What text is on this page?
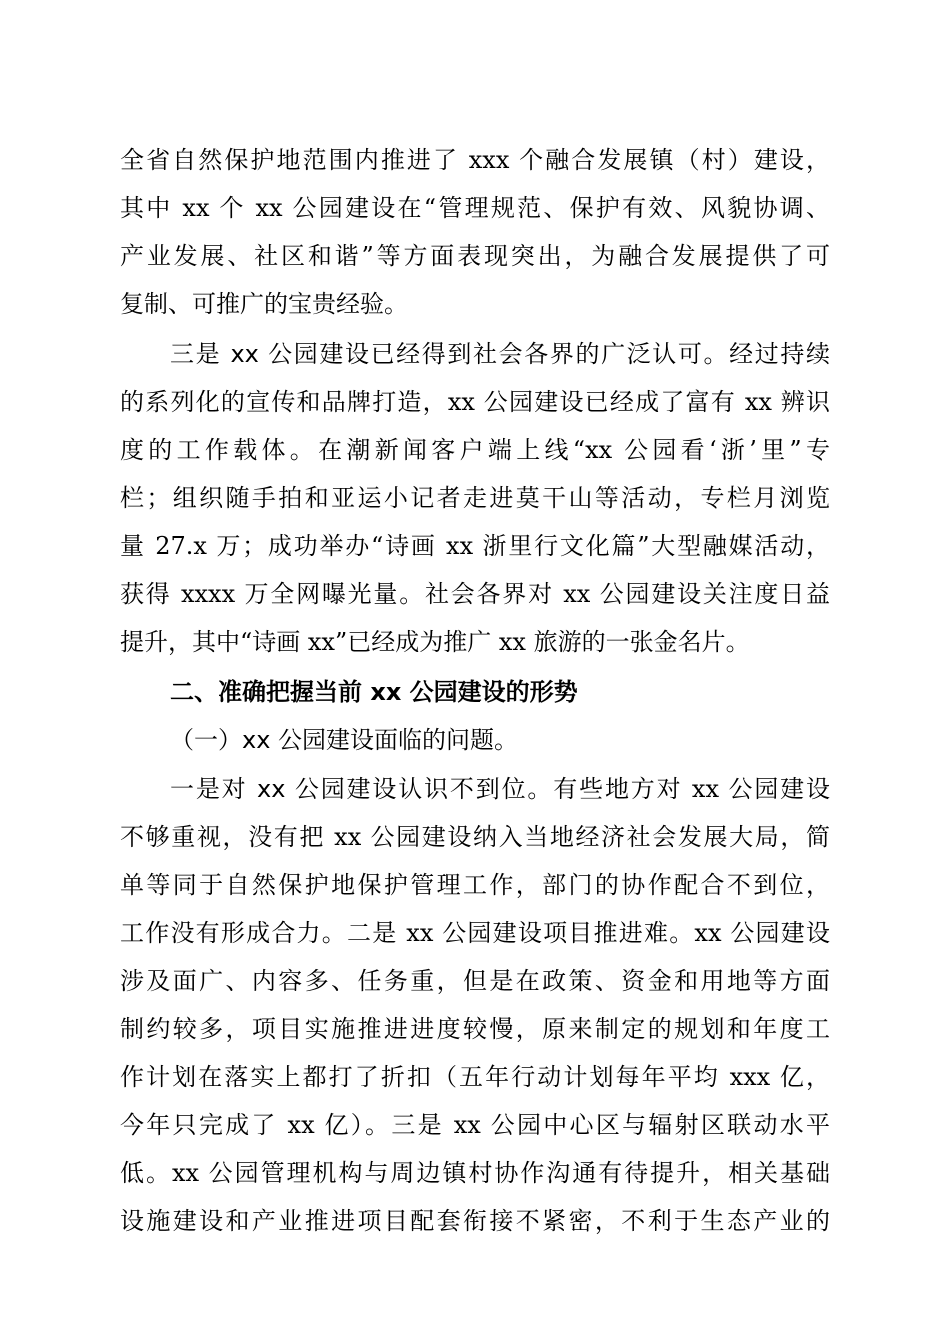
全省自然保护地范围内推进了 xxx 个融合发展镇（村）建设，
其中 xx 个 xx 公园建设在“管理规范、保护有效、风貌协调、
产业发展、社区和谐”等方面表现突出，为融合发展提供了可
复制、可推广的宝贵经验。
三是 xx 公园建设已经得到社会各界的广泛认可。经过持续
的系列化的宣传和品牌打造，xx 公园建设已经成了富有 xx 辨识
度的工作载体。在潮新闻客户端上线“xx 公园看‘浙’里”专
栏；组织随手拍和亚运小记者走进莫干山等活动，专栏月浏览
量 27.x 万；成功举办“诗画 xx 浙里行文化篇”大型融媒活动，
获得 xxxx 万全网曝光量。社会各界对 xx 公园建设关注度日益
提升，其中“诗画 xx”已经成为推广 xx 旅游的一张金名片。
二、准确把握当前 xx 公园建设的形势
（一）xx 公园建设面临的问题。
一是对 xx 公园建设认识不到位。有些地方对 xx 公园建设
不够重视，没有把 xx 公园建设纳入当地经济社会发展大局，简
单等同于自然保护地保护管理工作，部门的协作配合不到位，
工作没有形成合力。二是 xx 公园建设项目推进难。xx 公园建设
涉及面广、内容多、任务重，但是在政策、资金和用地等方面
制约较多，项目实施推进进度较慢，原来制定的规划和年度工
作计划在落实上都打了折扣（五年行动计划每年平均 xxx 亿，
今年只完成了 xx 亿）。三是 xx 公园中心区与辐射区联动水平
低。xx 公园管理机构与周边镇村协作沟通有待提升，相关基础
设施建设和产业推进项目配套衔接不紧密，不利于生态产业的
